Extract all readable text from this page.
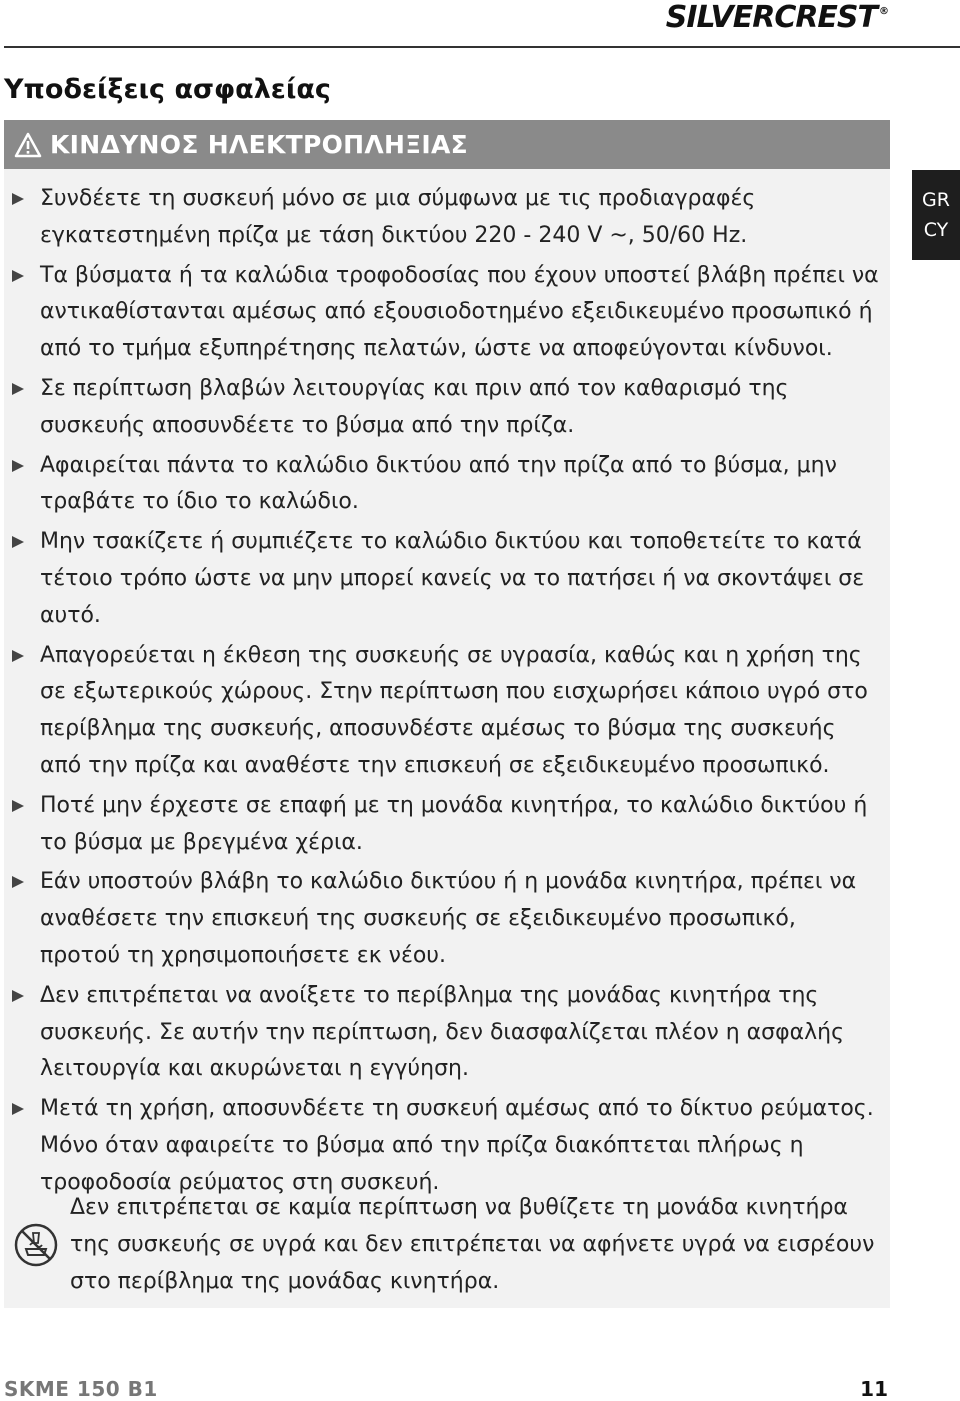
SILVERCREST ®
Υποδείξεις ασφαλείας
GR
CY
ΚΙΝΔΥΝΟΣ ΗΛΕΚΤΡΟΠΛΗΞΙΑΣ
Συνδέετε τη συσκευή μόνο σε μια σύμφωνα με τις προδιαγραφές εγκατεστημένη πρίζα με τάση δικτύου 220 - 240 V ~, 50/60 Hz.
Τα βύσματα ή τα καλώδια τροφοδοσίας που έχουν υποστεί βλάβη πρέπει να αντικαθίστανται αμέσως από εξουσιοδοτημένο εξειδικευμένο προσωπικό ή από το τμήμα εξυπηρέτησης πελατών, ώστε να αποφεύγονται κίνδυνοι.
Σε περίπτωση βλαβών λειτουργίας και πριν από τον καθαρισμό της συσκευής αποσυνδέετε το βύσμα από την πρίζα.
Αφαιρείται πάντα το καλώδιο δικτύου από την πρίζα από το βύσμα, μην τραβάτε το ίδιο το καλώδιο.
Μην τσακίζετε ή συμπιέζετε το καλώδιο δικτύου και τοποθετείτε το κατά τέτοιο τρόπο ώστε να μην μπορεί κανείς να το πατήσει ή να σκοντάψει σε αυτό.
Απαγορεύεται η έκθεση της συσκευής σε υγρασία, καθώς και η χρήση της σε εξωτερικούς χώρους. Στην περίπτωση που εισχωρήσει κάποιο υγρό στο περίβλημα της συσκευής, αποσυνδέστε αμέσως το βύσμα της συσκευής από την πρίζα και αναθέστε την επισκευή σε εξειδικευμένο προσωπικό.
Ποτέ μην έρχεστε σε επαφή με τη μονάδα κινητήρα, το καλώδιο δικτύου ή το βύσμα με βρεγμένα χέρια.
Εάν υποστούν βλάβη το καλώδιο δικτύου ή η μονάδα κινητήρα, πρέπει να αναθέσετε την επισκευή της συσκευής σε εξειδικευμένο προσωπικό, προτού τη χρησιμοποιήσετε εκ νέου.
Δεν επιτρέπεται να ανοίξετε το περίβλημα της μονάδας κινητήρα της συσκευής. Σε αυτήν την περίπτωση, δεν διασφαλίζεται πλέον η ασφαλής λειτουργία και ακυρώνεται η εγγύηση.
Μετά τη χρήση, αποσυνδέετε τη συσκευή αμέσως από το δίκτυο ρεύματος. Μόνο όταν αφαιρείτε το βύσμα από την πρίζα διακόπτεται πλήρως η τροφοδοσία ρεύματος στη συσκευή.

Δεν επιτρέπεται σε καμία περίπτωση να βυθίζετε τη μονάδα κινητήρα της συσκευής σε υγρά και δεν επιτρέπεται να αφήνετε υγρά να εισρέουν στο περίβλημα της μονάδας κινητήρα.

SKME 150 B1	11
